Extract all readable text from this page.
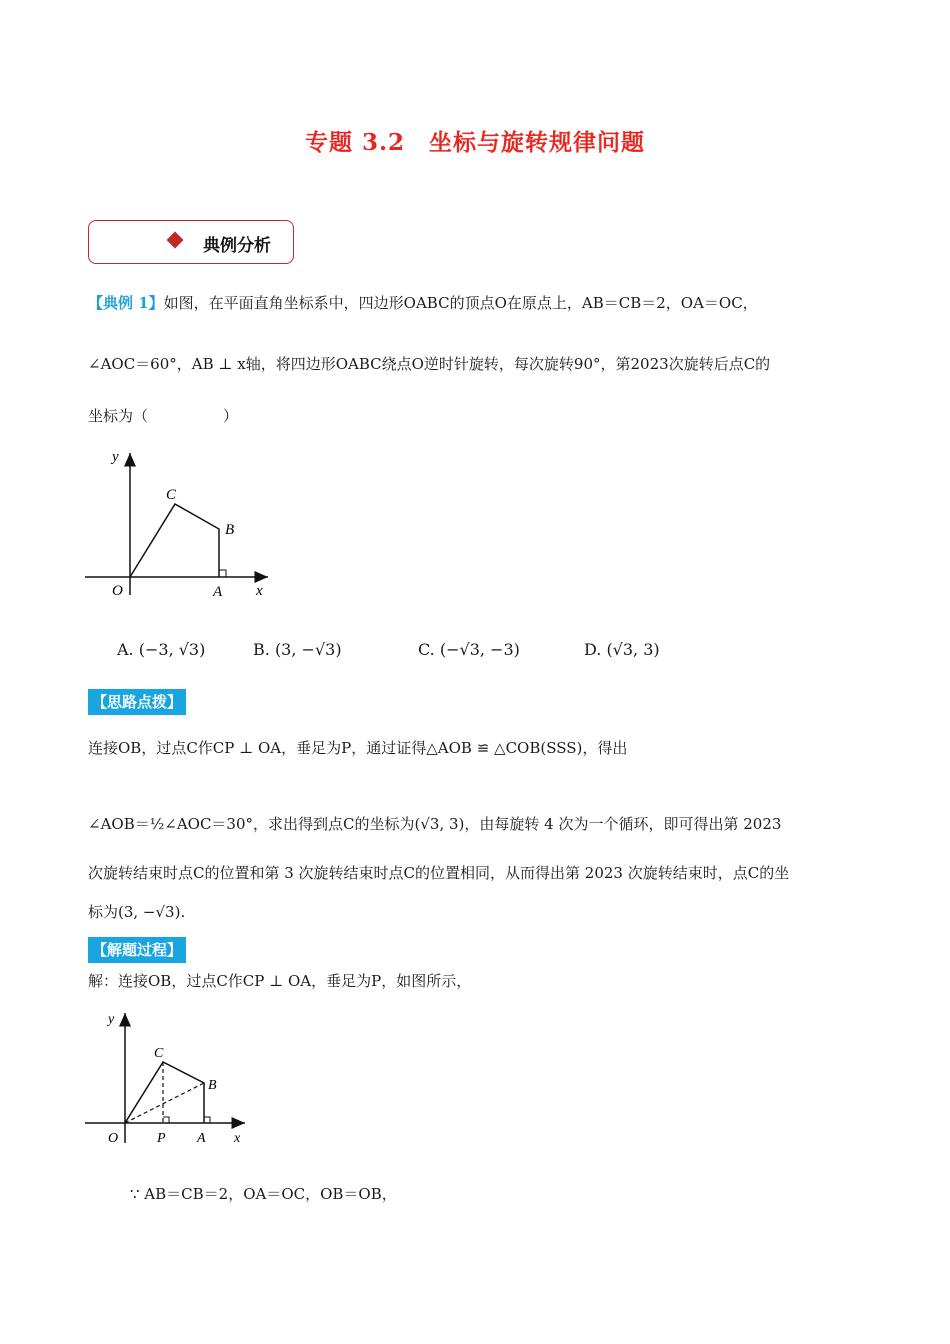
专题 3.2　坐标与旋转规律问题
典例分析
【典例 1】如图，在平面直角坐标系中，四边形OABC的顶点O在原点上，AB＝CB＝2，OA＝OC，
∠AOC＝60°，AB ⊥ x轴，将四边形OABC绕点O逆时针旋转，每次旋转90°，第2023次旋转后点C的
坐标为（　　　　　）
y
x
O	A
B
C
A. (−3, √3)	B. (3, −√3)	C. (−√3, −3)	D. (√3, 3)
【思路点拨】
连接OB，过点C作CP ⊥ OA，垂足为P，通过证得△AOB ≌ △COB(SSS)，得出
∠AOB＝½∠AOC＝30°，求出得到点C的坐标为(√3, 3)，由每旋转 4 次为一个循环，即可得出第 2023
次旋转结束时点C的位置和第 3 次旋转结束时点C的位置相同，从而得出第 2023 次旋转结束时，点C的坐
标为(3, −√3).
【解题过程】
解：连接OB，过点C作CP ⊥ OA，垂足为P，如图所示，
y
x
O	P A
B
C
∵ AB＝CB＝2，OA＝OC，OB＝OB，
